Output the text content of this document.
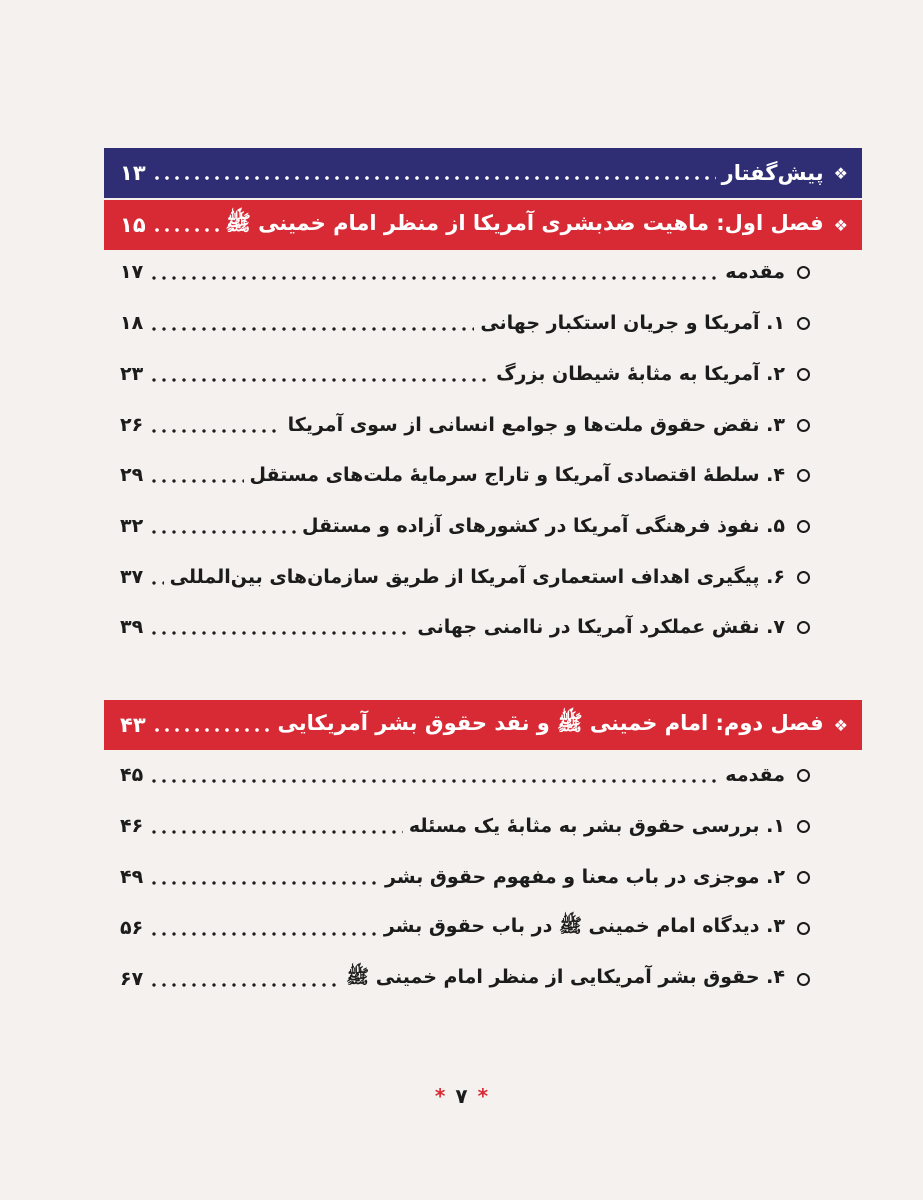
❖
پیش‌گفتار
۱۳
❖
فصل اول: ماهیت ضدبشری آمریکا از منظر امام خمینی ﷺ
۱۵
مقدمه
۱۷
۱. آمریکا و جریان استکبار جهانی
۱۸
۲. آمریکا به مثابهٔ شیطان بزرگ
۲۳
۳. نقض حقوق ملت‌ها و جوامع انسانی از سوی آمریکا
۲۶
۴. سلطهٔ اقتصادی آمریکا و تاراج سرمایهٔ ملت‌های مستقل
۲۹
۵. نفوذ فرهنگی آمریکا در کشورهای آزاده و مستقل
۳۲
۶. پیگیری اهداف استعماری آمریکا از طریق سازمان‌های بین‌المللی
۳۷
۷. نقش عملکرد آمریکا در ناامنی جهانی
۳۹
❖
فصل دوم: امام خمینی ﷺ و نقد حقوق بشر آمریکایی
۴۳
مقدمه
۴۵
۱. بررسی حقوق بشر به مثابهٔ یک مسئله
۴۶
۲. موجزی در باب معنا و مفهوم حقوق بشر
۴۹
۳. دیدگاه امام خمینی ﷺ در باب حقوق بشر
۵۶
۴. حقوق بشر آمریکایی از منظر امام خمینی ﷺ
۶۷
* ۷ *
